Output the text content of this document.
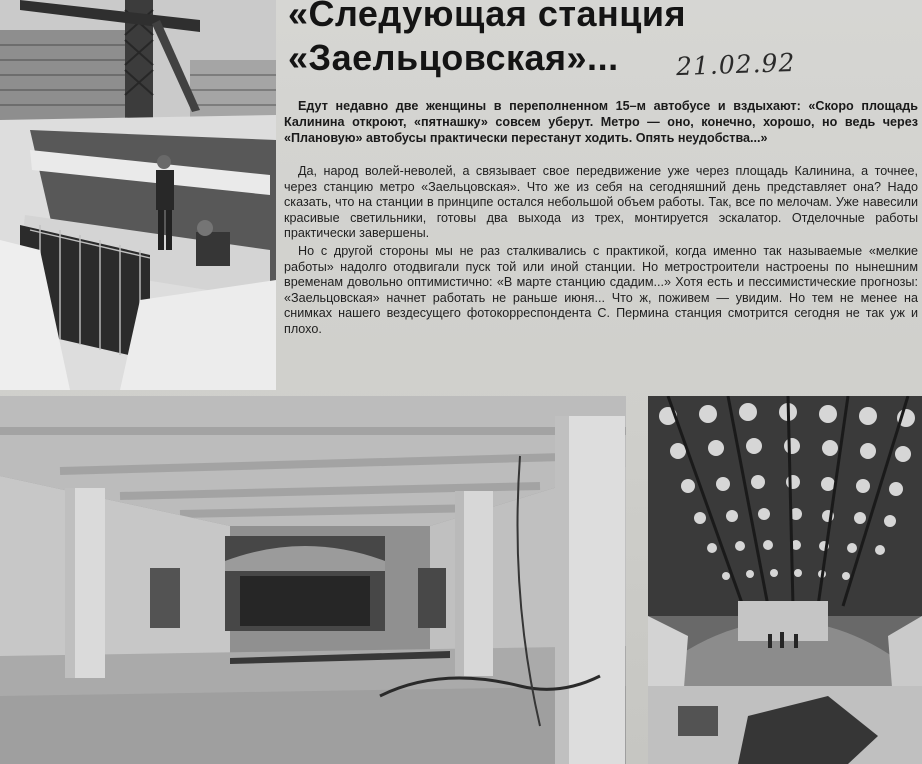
«Следующая станция
«Заельцовская»...	21.02.92

Едут недавно две женщины в переполненном 15–м автобусе и вздыхают: «Скоро площадь Калинина откроют, «пятнашку» совсем уберут. Метро — оно, конечно, хорошо, но ведь через «Плановую» автобусы практически перестанут ходить. Опять неудобства...»

Да, народ волей-неволей, а связывает свое передвижение уже через площадь Калинина, а точнее, через станцию метро «Заельцовская». Что же из себя на сегодняшний день представляет она? Надо сказать, что на станции в принципе остался небольшой объем работы. Так, все по мелочам. Уже навесили красивые светильники, готовы два выхода из трех, монтируется эскалатор. Отделочные работы практически завершены.

Но с другой стороны мы не раз сталкивались с практикой, когда именно так называемые «мелкие работы» надолго отодвигали пуск той или иной станции. Но метростроители настроены по нынешним временам довольно оптимистично: «В марте станцию сдадим...» Хотя есть и пессимистические прогнозы: «Заельцовская» начнет работать не раньше июня... Что ж, поживем — увидим. Но тем не менее на снимках нашего вездесущего фотокорреспондента С. Пермина станция смотрится сегодня не так уж и плохо.
